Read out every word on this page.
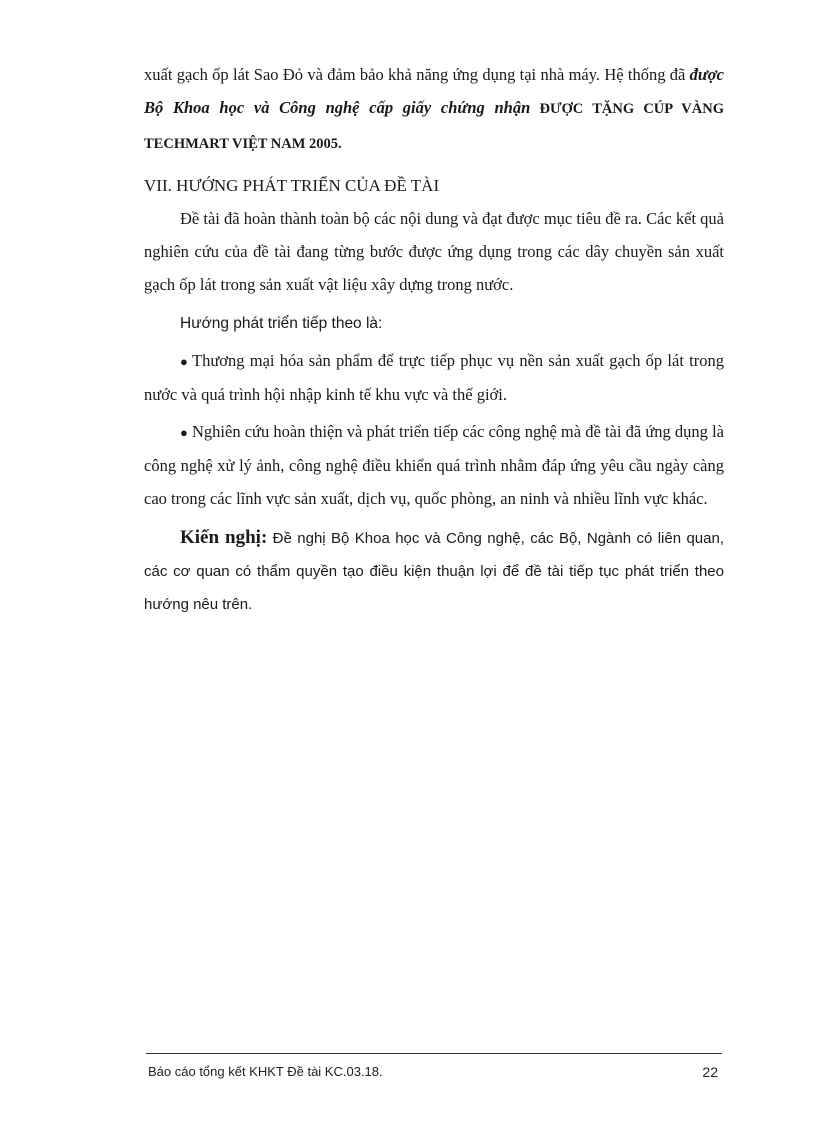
xuất gạch ốp lát Sao Đỏ và đảm bảo khả năng ứng dụng tại nhà máy. Hệ thống đã được Bộ Khoa học và Công nghệ cấp giấy chứng nhận ĐƯỢC TẶNG CÚP VÀNG TECHMART VIỆT NAM 2005.

VII. HƯỚNG PHÁT TRIỂN CỦA ĐỀ TÀI

Đề tài đã hoàn thành toàn bộ các nội dung và đạt được mục tiêu đề ra. Các kết quả nghiên cứu của đề tài đang từng bước được ứng dụng trong các dây chuyền sản xuất gạch ốp lát trong sản xuất vật liệu xây dựng trong nước.

Hướng phát triển tiếp theo là:

● Thương mại hóa sản phẩm để trực tiếp phục vụ nền sản xuất gạch ốp lát trong nước và quá trình hội nhập kinh tế khu vực và thế giới.

● Nghiên cứu hoàn thiện và phát triển tiếp các công nghệ mà đề tài đã ứng dụng là công nghệ xử lý ảnh, công nghệ điều khiển quá trình nhằm đáp ứng yêu cầu ngày càng cao trong các lĩnh vực sản xuất, dịch vụ, quốc phòng, an ninh và nhiều lĩnh vực khác.

Kiến nghị: Đề nghị Bộ Khoa học và Công nghệ, các Bộ, Ngành có liên quan, các cơ quan có thẩm quyền tạo điều kiện thuận lợi để đề tài tiếp tục phát triển theo hướng nêu trên.

Báo cáo tổng kết KHKT Đề tài KC.03.18.	22
